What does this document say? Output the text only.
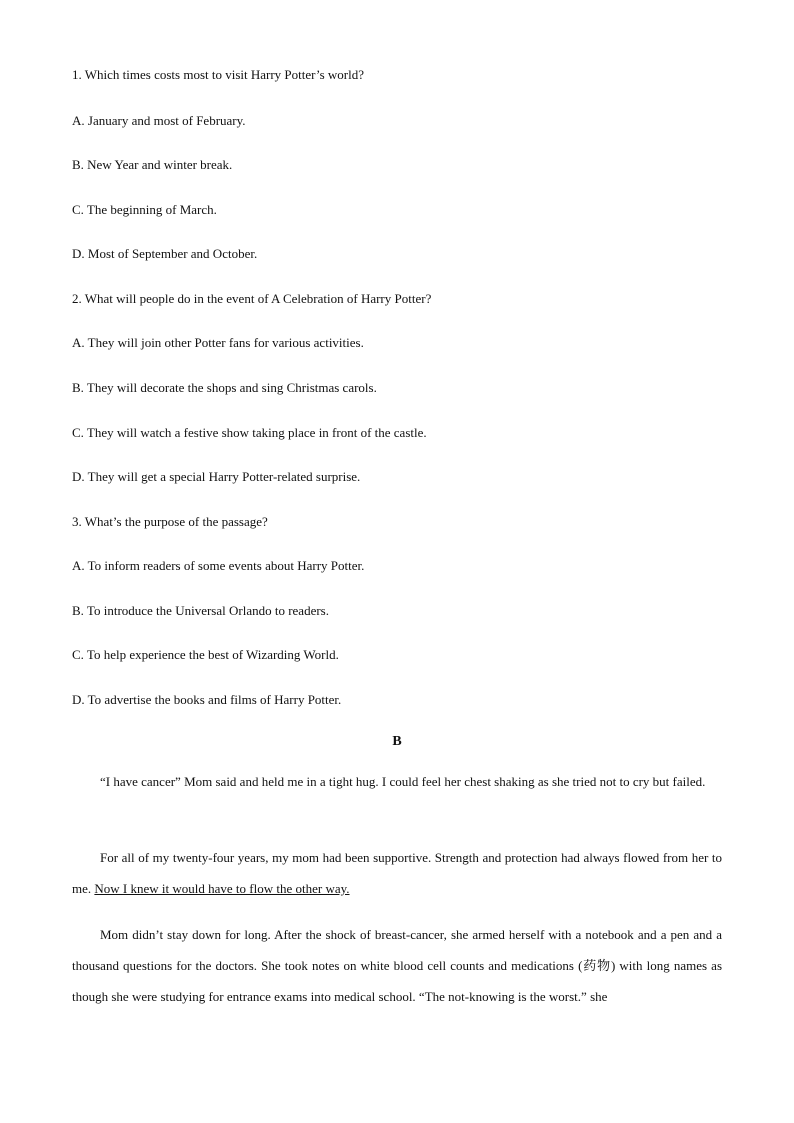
1. Which times costs most to visit Harry Potter’s world?
A. January and most of February.
B. New Year and winter break.
C. The beginning of March.
D. Most of September and October.
2. What will people do in the event of A Celebration of Harry Potter?
A. They will join other Potter fans for various activities.
B. They will decorate the shops and sing Christmas carols.
C. They will watch a festive show taking place in front of the castle.
D. They will get a special Harry Potter-related surprise.
3. What’s the purpose of the passage?
A. To inform readers of some events about Harry Potter.
B. To introduce the Universal Orlando to readers.
C. To help experience the best of Wizarding World.
D. To advertise the books and films of Harry Potter.
B

“I have cancer” Mom said and held me in a tight hug. I could feel her chest shaking as she tried not to cry but failed.

For all of my twenty-four years, my mom had been supportive. Strength and protection had always flowed from her to me. Now I knew it would have to flow the other way.

Mom didn’t stay down for long. After the shock of breast-cancer, she armed herself with a notebook and a pen and a thousand questions for the doctors. She took notes on white blood cell counts and medications (药物) with long names as though she were studying for entrance exams into medical school. “The not-knowing is the worst.” she
